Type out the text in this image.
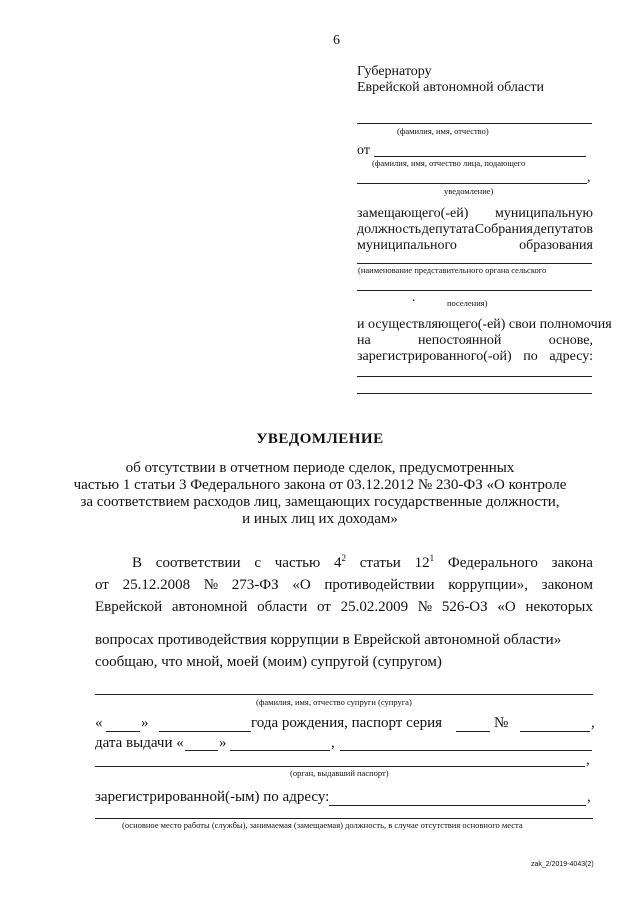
6
Губернатору
Еврейской автономной области
(фамилия, имя, отчество)
от
(фамилия, имя, отчество лица, подающего
,
уведомление)
замещающего(-ей) муниципальную
должность депутата Собрания депутатов
муниципального	образования
(наименование представительного органа сельского
.	поселения)
и осуществляющего(-ей) свои полномочия
на	непостоянной	основе,
зарегистрированного(-ой) по адресу:
УВЕДОМЛЕНИЕ
об отсутствии в отчетном периоде сделок, предусмотренных
частью 1 статьи 3 Федерального закона от 03.12.2012 № 230-ФЗ «О контроле
за соответствием расходов лиц, замещающих государственные должности,
и иных лиц их доходам»
В соответствии с частью $4^2$ статьи $12^1$ Федерального закона
от 25.12.2008 № 273-ФЗ «О противодействии коррупции», законом
Еврейской автономной области от 25.02.2009 № 526-ОЗ «О некоторых
вопросах противодействия коррупции в Еврейской автономной области»
сообщаю, что мной, моей (моим) супругой (супругом)
(фамилия, имя, отчество супруги (супруга)
«	»	года рождения, паспорт серия	№	,
дата выдачи « »	,
,
(орган, выдавший паспорт)
зарегистрированной(-ым) по адресу:	,
(основное место работы (службы), занимаемая (замещаемая) должность, в случае отсутствия основного места
zak_2/2019-4043(2)
